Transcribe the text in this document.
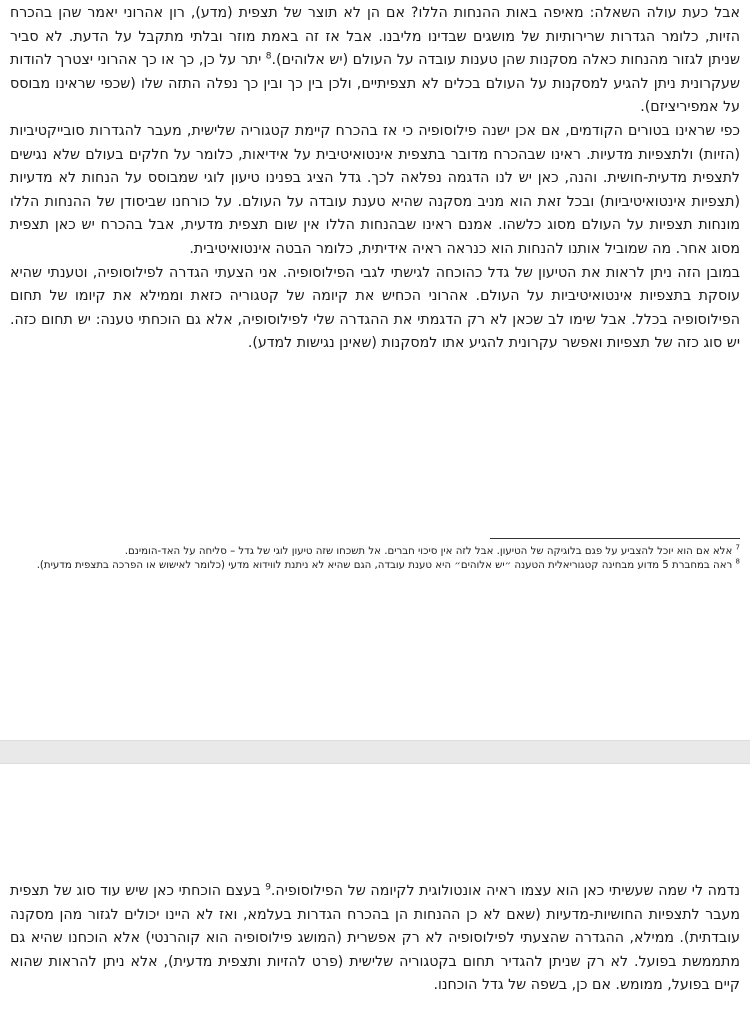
אבל כעת עולה השאלה: מאיפה באות ההנחות הללו? אם הן לא תוצר של תצפית (מדע), רון אהרוני יאמר שהן בהכרח הזיות, כלומר הגדרות שרירותיות של מושגים שבדינו מליבנו. אבל אז זה באמת מוזר ובלתי מתקבל על הדעת. לא סביר שניתן לגזור מהנחות כאלה מסקנות שהן טענות עובדה על העולם (יש אלוהים).$^8$ יתר על כן, כך או כך אהרוני יצטרך להודות שעקרונית ניתן להגיע למסקנות על העולם בכלים לא תצפיתיים, ולכן בין כך ובין כך נפלה התזה שלו (שכפי שראינו מבוסס על אמפיריציזם).

כפי שראינו בטורים הקודמים, אם אכן ישנה פילוסופיה כי אז בהכרח קיימת קטגוריה שלישית, מעבר להגדרות סובייקטיביות (הזיות) ולתצפיות מדעיות. ראינו שבהכרח מדובר בתצפית אינטואיטיבית על אידיאות, כלומר על חלקים בעולם שלא נגישים לתצפית מדעית-חושית. והנה, כאן יש לנו הדגמה נפלאה לכך. גדל הציג בפנינו טיעון לוגי שמבוסס על הנחות לא מדעיות (תצפיות אינטואיטיביות) ובכל זאת הוא מניב מסקנה שהיא טענת עובדה על העולם. על כורחנו שביסודן של ההנחות הללו מונחות תצפיות על העולם מסוג כלשהו. אמנם ראינו שבהנחות הללו אין שום תצפית מדעית, אבל בהכרח יש כאן תצפית מסוג אחר. מה שמוביל אותנו להנחות הוא כנראה ראיה אידיתית, כלומר הבטה אינטואיטיבית.

במובן הזה ניתן לראות את הטיעון של גדל כהוכחה לגישתי לגבי הפילוסופיה. אני הצעתי הגדרה לפילוסופיה, וטענתי שהיא עוסקת בתצפיות אינטואיטיביות על העולם. אהרוני הכחיש את קיומה של קטגוריה כזאת וממילא את קיומו של תחום הפילוסופיה בכלל. אבל שימו לב שכאן לא רק הדגמתי את ההגדרה שלי לפילוסופיה, אלא גם הוכחתי טענה: יש תחום כזה. יש סוג כזה של תצפיות ואפשר עקרונית להגיע אתו למסקנות (שאינן נגישות למדע).

$^7$ אלא אם הוא יוכל להצביע על פגם בלוגיקה של הטיעון. אבל לזה אין סיכוי חברים. אל תשכחו שזה טיעון לוגי של גדל – סליחה על האד-הומינם.

$^8$ ראה במחברת 5 מדוע מבחינה קטגוריאלית הטענה ״יש אלוהים״ היא טענת עובדה, הגם שהיא לא ניתנת לווידוא מדעי (כלומר לאישוש או הפרכה בתצפית מדעית).

נדמה לי שמה שעשיתי כאן הוא עצמו ראיה אונטולוגית לקיומה של הפילוסופיה.$^9$ בעצם הוכחתי כאן שיש עוד סוג של תצפית מעבר לתצפיות החושיות-מדעיות (שאם לא כן ההנחות הן בהכרח הגדרות בעלמא, ואז לא היינו יכולים לגזור מהן מסקנה עובדתית). ממילא, ההגדרה שהצעתי לפילוסופיה לא רק אפשרית (המושג פילוסופיה הוא קוהרנטי) אלא הוכחנו שהיא גם מתממשת בפועל. לא רק שניתן להגדיר תחום בקטגוריה שלישית (פרט להזיות ותצפית מדעית), אלא ניתן להראות שהוא קיים בפועל, ממומש. אם כן, בשפה של גדל הוכחנו.
